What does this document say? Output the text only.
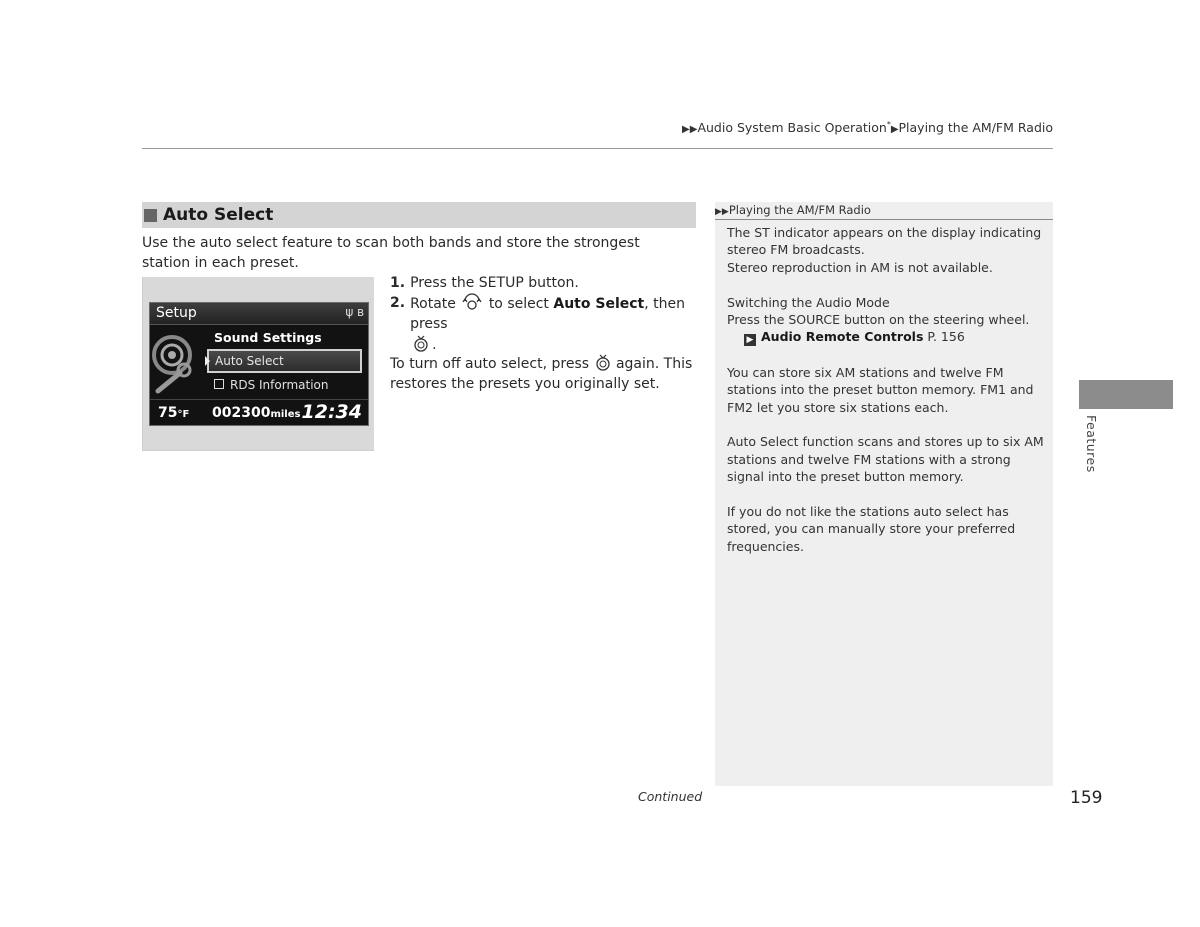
▶▶Audio System Basic Operation*▶Playing the AM/FM Radio
Auto Select
Use the auto select feature to scan both bands and store the strongest station in each preset.
Setup	ψ ʙ
Sound Settings
Auto Select
RDS Information
75°F 002300miles 12:34
1. Press the SETUP button.
2. Rotate to select Auto Select, then press
.
To turn off auto select, press again. This restores the presets you originally set.
▶▶Playing the AM/FM Radio

The ST indicator appears on the display indicating stereo FM broadcasts.
Stereo reproduction in AM is not available.

Switching the Audio Mode
Press the SOURCE button on the steering wheel.
▶ Audio Remote Controls P. 156

You can store six AM stations and twelve FM stations into the preset button memory. FM1 and FM2 let you store six stations each.

Auto Select function scans and stores up to six AM stations and twelve FM stations with a strong signal into the preset button memory.

If you do not like the stations auto select has stored, you can manually store your preferred frequencies.

Features
Continued	159
